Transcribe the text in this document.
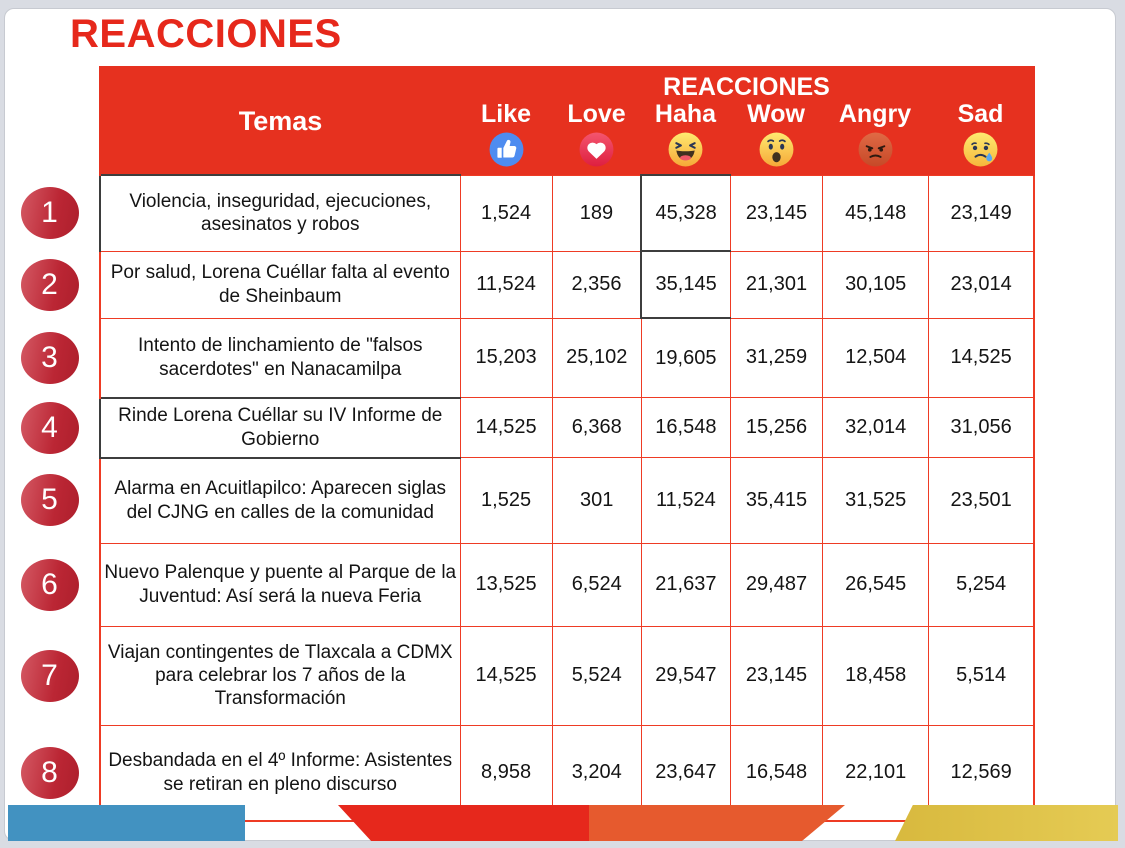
REACCIONES
	Temas	
REACCIONES
Like Love Haha Wow Angry Sad

1	Violencia, inseguridad, ejecuciones, asesinatos y robos	1,524	189	45,328	23,145	45,148	23,149

2	Por salud, Lorena Cuéllar falta al evento de Sheinbaum	11,524	2,356	35,145	21,301	30,105	23,014

3	Intento de linchamiento de "falsos sacerdotes" en Nanacamilpa	15,203	25,102	19,605	31,259	12,504	14,525

4	Rinde Lorena Cuéllar su IV Informe de Gobierno	14,525	6,368	16,548	15,256	32,014	31,056

5	Alarma en Acuitlapilco: Aparecen siglas del CJNG en calles de la comunidad	1,525	301	11,524	35,415	31,525	23,501

6	Nuevo Palenque y puente al Parque de la Juventud: Así será la nueva Feria	13,525	6,524	21,637	29,487	26,545	5,254

7	Viajan contingentes de Tlaxcala a CDMX para celebrar los 7 años de la Transformación	14,525	5,524	29,547	23,145	18,458	5,514

8	Desbandada en el 4º Informe: Asistentes se retiran en pleno discurso	8,958	3,204	23,647	16,548	22,101	12,569
